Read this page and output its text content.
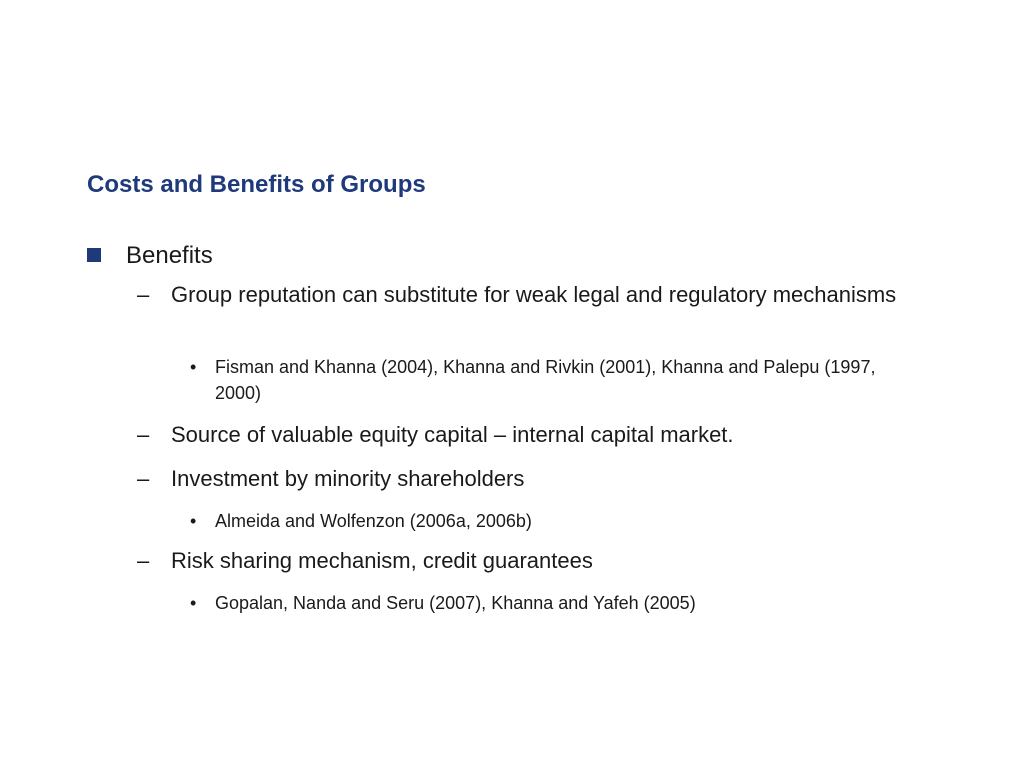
Costs and Benefits of Groups
Benefits
– Group reputation can substitute for weak legal and regulatory mechanisms
• Fisman and Khanna (2004), Khanna and Rivkin (2001), Khanna and Palepu (1997, 2000)
– Source of valuable equity capital – internal capital market.
– Investment by minority shareholders
• Almeida and Wolfenzon (2006a, 2006b)
– Risk sharing mechanism, credit guarantees
• Gopalan, Nanda and Seru (2007), Khanna and Yafeh (2005)
